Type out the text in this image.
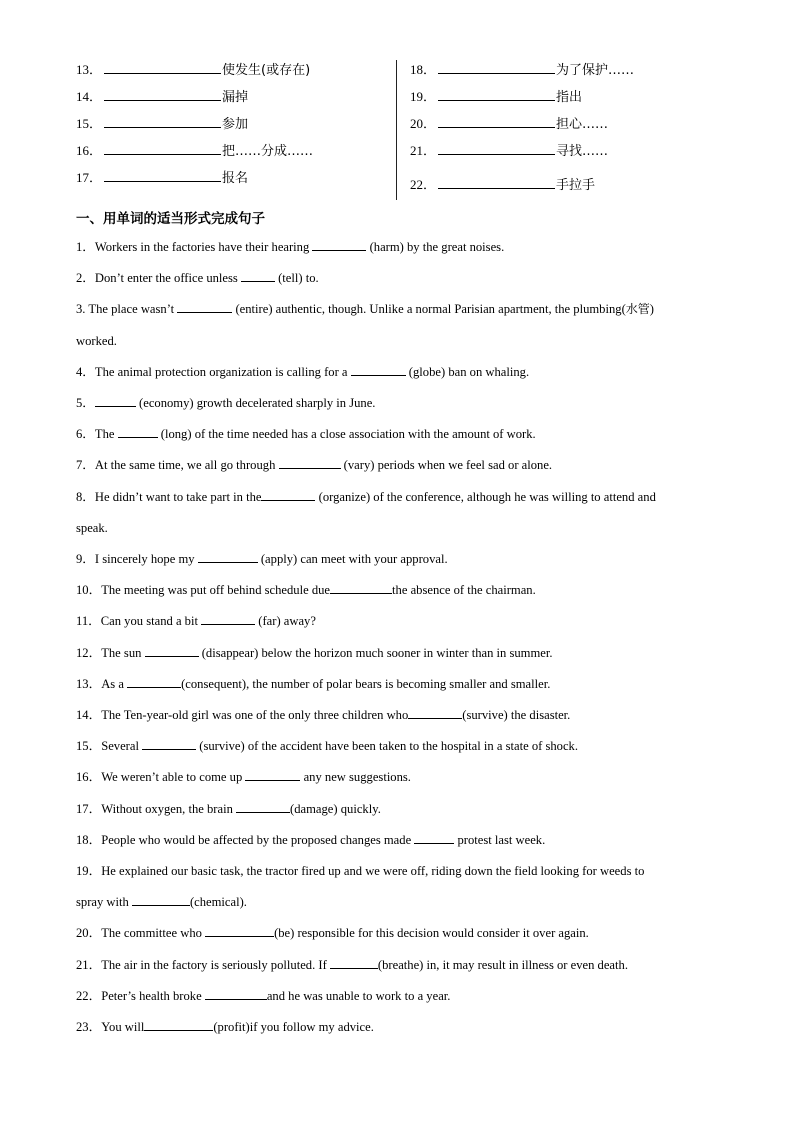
13．	使发生(或存在)
14．	漏掉
15．	参加
16．	把……分成……
17．	报名
18．	为了保护……
19．	指出
20．	担心……
21．	寻找……
22．	手拉手
一、用单词的适当形式完成句子
1．Workers in the factories have their hearing	(harm) by the great noises.
2．Don’t enter the office unless	(tell) to.
3. The place wasn’t	(entire) authentic, though. Unlike a normal Parisian apartment, the plumbing(水管)
worked.
4．The animal protection organization is calling for a	(globe) ban on whaling.
5．	(economy) growth decelerated sharply in June.
6．The	(long) of the time needed has a close association with the amount of work.
7．At the same time, we all go through	(vary) periods when we feel sad or alone.
8．He didn’t want to take part in the	(organize) of the conference, although he was willing to attend and
speak.
9．I sincerely hope my	(apply) can meet with your approval.
10．The meeting was put off behind schedule due	the absence of the chairman.
11．Can you stand a bit	(far) away?
12．The sun	(disappear) below the horizon much sooner in winter than in summer.
13．As a	(consequent), the number of polar bears is becoming smaller and smaller.
14．The Ten-year-old girl was one of the only three children who	(survive) the disaster.
15．Several	(survive) of the accident have been taken to the hospital in a state of shock.
16．We weren’t able to come up	any new suggestions.
17．Without oxygen, the brain	(damage) quickly.
18．People who would be affected by the proposed changes made	protest last week.
19．He explained our basic task, the tractor fired up and we were off, riding down the field looking for weeds to
spray with	(chemical).
20．The committee who	(be) responsible for this decision would consider it over again.
21．The air in the factory is seriously polluted. If	(breathe) in, it may result in illness or even death.
22．Peter’s health broke	and he was unable to work to a year.
23．You will	(profit)if you follow my advice.
